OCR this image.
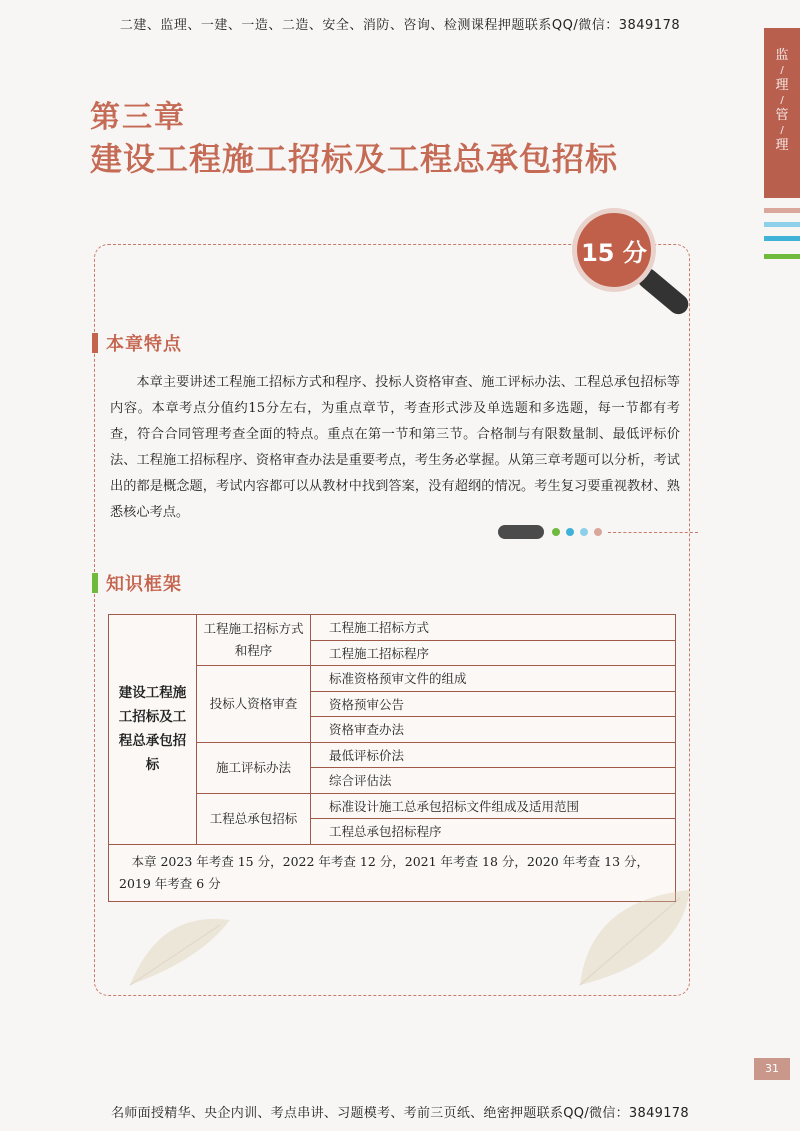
二建、监理、一建、一造、二造、安全、消防、咨询、检测课程押题联系QQ/微信：3849178
监
/
理
/
管
/
理
第三章
建设工程施工招标及工程总承包招标
15 分
本章特点

本章主要讲述工程施工招标方式和程序、投标人资格审查、施工评标办法、工程总承包招标等内容。本章考点分值约15分左右，为重点章节，考查形式涉及单选题和多选题，每一节都有考查，符合合同管理考查全面的特点。重点在第一节和第三节。合格制与有限数量制、最低评标价法、工程施工招标程序、资格审查办法是重要考点，考生务必掌握。从第三章考题可以分析，考试出的都是概念题，考试内容都可以从教材中找到答案，没有超纲的情况。考生复习要重视教材、熟悉核心考点。

知识框架
建设工程施工招标及工程总承包招标	工程施工招标方式和程序	工程施工招标方式
		工程施工招标程序
	投标人资格审查	标准资格预审文件的组成
		资格预审公告
		资格审查办法
	施工评标办法	最低评标价法
		综合评估法
	工程总承包招标	标准设计施工总承包招标文件组成及适用范围
		工程总承包招标程序
本章 2023 年考查 15 分，2022 年考查 12 分，2021 年考查 18 分，2020 年考查 13 分，2019 年考查 6 分		
31
名师面授精华、央企内训、考点串讲、习题模考、考前三页纸、绝密押题联系QQ/微信：3849178
